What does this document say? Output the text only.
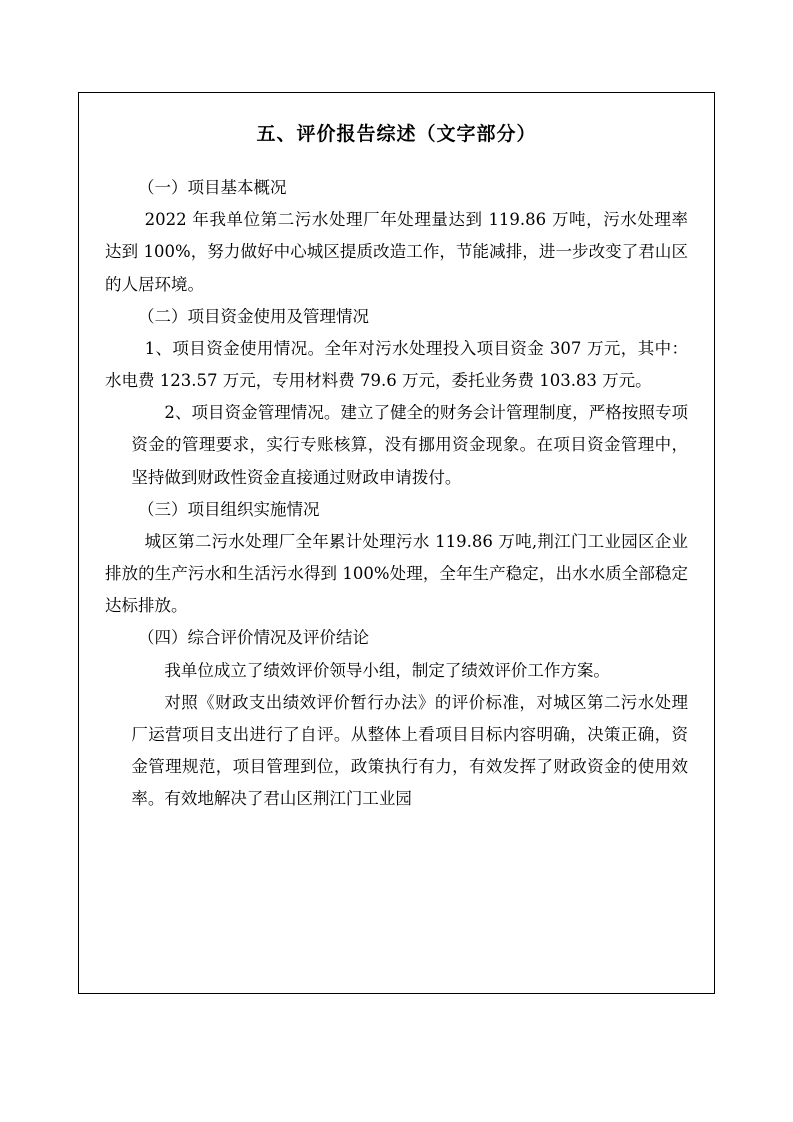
五、评价报告综述（文字部分）

（一）项目基本概况

2022 年我单位第二污水处理厂年处理量达到 119.86 万吨，污水处理率达到 100%，努力做好中心城区提质改造工作，节能减排，进一步改变了君山区的人居环境。

（二）项目资金使用及管理情况

1、项目资金使用情况。全年对污水处理投入项目资金 307 万元，其中：水电费 123.57 万元，专用材料费 79.6 万元，委托业务费 103.83 万元。

2、项目资金管理情况。建立了健全的财务会计管理制度，严格按照专项资金的管理要求，实行专账核算，没有挪用资金现象。在项目资金管理中，坚持做到财政性资金直接通过财政申请拨付。

（三）项目组织实施情况

城区第二污水处理厂全年累计处理污水 119.86 万吨,荆江门工业园区企业排放的生产污水和生活污水得到 100%处理，全年生产稳定，出水水质全部稳定达标排放。

（四）综合评价情况及评价结论

我单位成立了绩效评价领导小组，制定了绩效评价工作方案。

对照《财政支出绩效评价暂行办法》的评价标准，对城区第二污水处理厂运营项目支出进行了自评。从整体上看项目目标内容明确，决策正确，资金管理规范，项目管理到位，政策执行有力，有效发挥了财政资金的使用效率。有效地解决了君山区荆江门工业园
